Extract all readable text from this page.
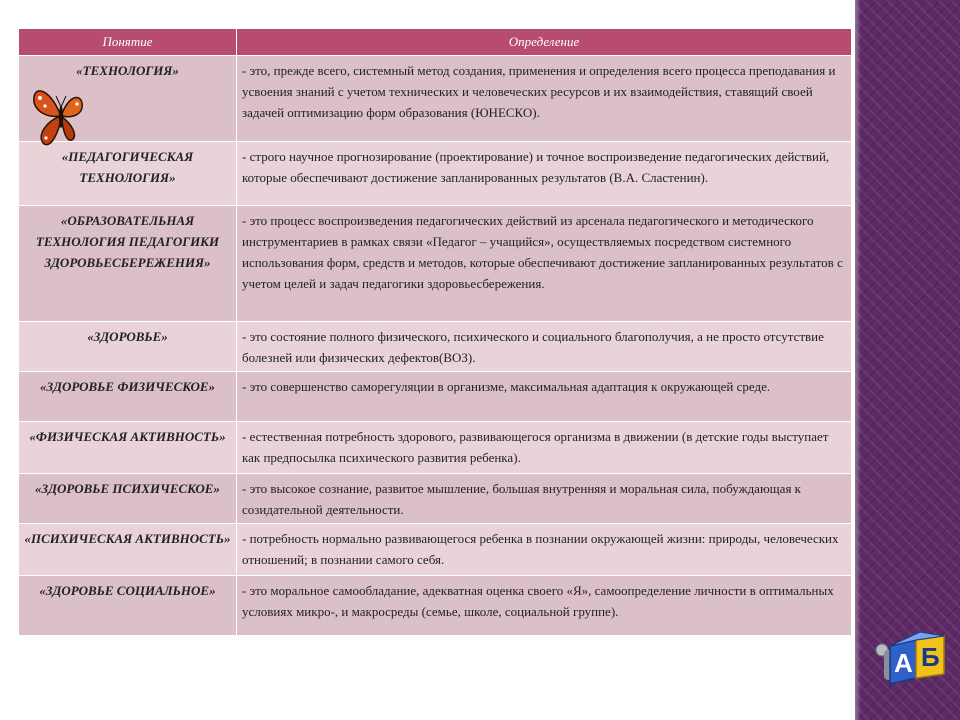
Понятие	Определение
«ТЕХНОЛОГИЯ»	- это, прежде всего, системный метод создания, применения и определения всего процесса преподавания и усвоения знаний с учетом технических и человеческих ресурсов и их взаимодействия, ставящий своей задачей оптимизацию форм образования (ЮНЕСКО).
«ПЕДАГОГИЧЕСКАЯ ТЕХНОЛОГИЯ»	- строго научное прогнозирование (проектирование) и точное воспроизведение педагогических действий, которые обеспечивают достижение запланированных результатов (В.А. Сластенин).
«ОБРАЗОВАТЕЛЬНАЯ ТЕХНОЛОГИЯ ПЕДАГОГИКИ ЗДОРОВЬЕСБЕРЕЖЕНИЯ»	- это процесс воспроизведения педагогических действий из арсенала педагогического и методического инструментариев в рамках связи «Педагог – учащийся», осуществляемых посредством системного использования форм, средств и методов, которые обеспечивают достижение запланированных результатов с учетом целей и задач педагогики здоровьесбережения.
«ЗДОРОВЬЕ»	- это состояние полного физического, психического и социального благополучия, а не просто отсутствие болезней или физических дефектов(ВОЗ).
«ЗДОРОВЬЕ ФИЗИЧЕСКОЕ»	- это совершенство саморегуляции в организме, максимальная адаптация к окружающей среде.
«ФИЗИЧЕСКАЯ АКТИВНОСТЬ»	- естественная потребность здорового, развивающегося организма в движении (в детские годы выступает как предпосылка психического развития ребенка).
«ЗДОРОВЬЕ ПСИХИЧЕСКОЕ»	- это высокое сознание, развитое мышление, большая внутренняя и моральная сила, побуждающая к созидательной деятельности.
«ПСИХИЧЕСКАЯ АКТИВНОСТЬ»	- потребность нормально развивающегося ребенка в познании окружающей жизни: природы, человеческих отношений; в познании самого себя.
«ЗДОРОВЬЕ СОЦИАЛЬНОЕ»	- это моральное самообладание, адекватная оценка своего «Я», самоопределение личности в оптимальных условиях микро-, и макросреды (семье, школе, социальной группе).
А Б
